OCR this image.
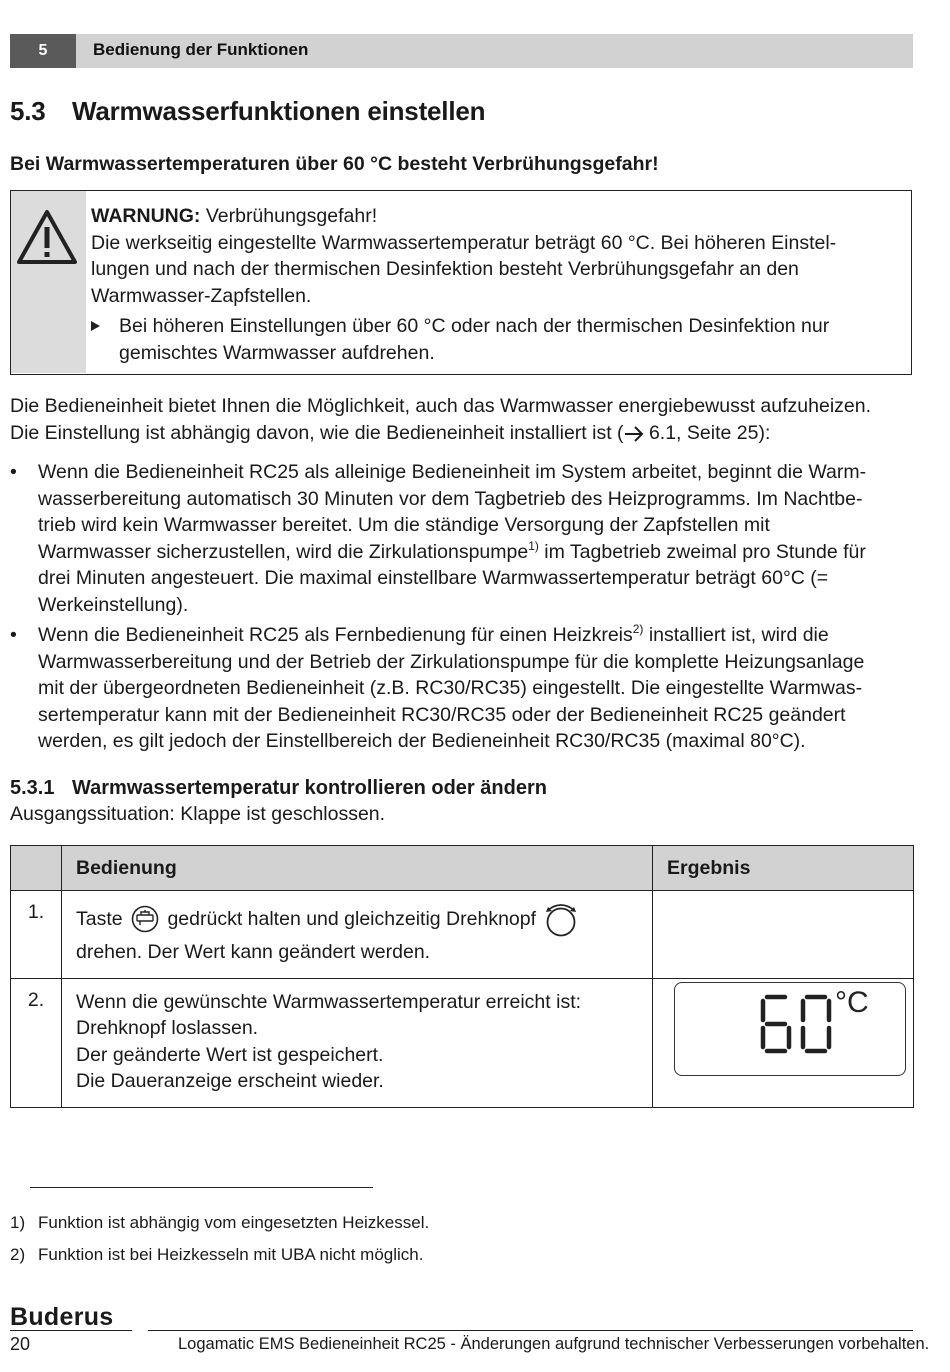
5	Bedienung der Funktionen
5.3 Warmwasserfunktionen einstellen
Bei Warmwassertemperaturen über 60 °C besteht Verbrühungsgefahr!
WARNUNG: Verbrühungsgefahr!
Die werkseitig eingestellte Warmwassertemperatur beträgt 60 °C. Bei höheren Einstel-
lungen und nach der thermischen Desinfektion besteht Verbrühungsgefahr an den
Warmwasser-Zapfstellen.
Bei höheren Einstellungen über 60 °C oder nach der thermischen Desinfektion nur
gemischtes Warmwasser aufdrehen.
Die Bedieneinheit bietet Ihnen die Möglichkeit, auch das Warmwasser energiebewusst aufzuheizen.
Die Einstellung ist abhängig davon, wie die Bedieneinheit installiert ist ( 6.1, Seite 25):
•	Wenn die Bedieneinheit RC25 als alleinige Bedieneinheit im System arbeitet, beginnt die Warm-
wasserbereitung automatisch 30 Minuten vor dem Tagbetrieb des Heizprogramms. Im Nachtbe-
trieb wird kein Warmwasser bereitet. Um die ständige Versorgung der Zapfstellen mit
Warmwasser sicherzustellen, wird die Zirkulationspumpe$^{1)}$ im Tagbetrieb zweimal pro Stunde für
drei Minuten angesteuert. Die maximal einstellbare Warmwassertemperatur beträgt 60°C (=
Werkeinstellung).
•	Wenn die Bedieneinheit RC25 als Fernbedienung für einen Heizkreis$^{2)}$ installiert ist, wird die
Warmwasserbereitung und der Betrieb der Zirkulationspumpe für die komplette Heizungsanlage
mit der übergeordneten Bedieneinheit (z.B. RC30/RC35) eingestellt. Die eingestellte Warmwas-
sertemperatur kann mit der Bedieneinheit RC30/RC35 oder der Bedieneinheit RC25 geändert
werden, es gilt jedoch der Einstellbereich der Bedieneinheit RC30/RC35 (maximal 80°C).
5.3.1 Warmwassertemperatur kontrollieren oder ändern
Ausgangssituation: Klappe ist geschlossen.
	Bedienung	Ergebnis
1.	Taste  gedrückt halten und gleichzeitig Drehknopf
drehen. Der Wert kann geändert werden.	

2.	Wenn die gewünschte Warmwassertemperatur erreicht ist:
Drehknopf loslassen.
Der geänderte Wert ist gespeichert.
Die Daueranzeige erscheint wieder.	

°C
1) Funktion ist abhängig vom eingesetzten Heizkessel.
2) Funktion ist bei Heizkesseln mit UBA nicht möglich.
Buderus
20	Logamatic EMS Bedieneinheit RC25 - Änderungen aufgrund technischer Verbesserungen vorbehalten.
